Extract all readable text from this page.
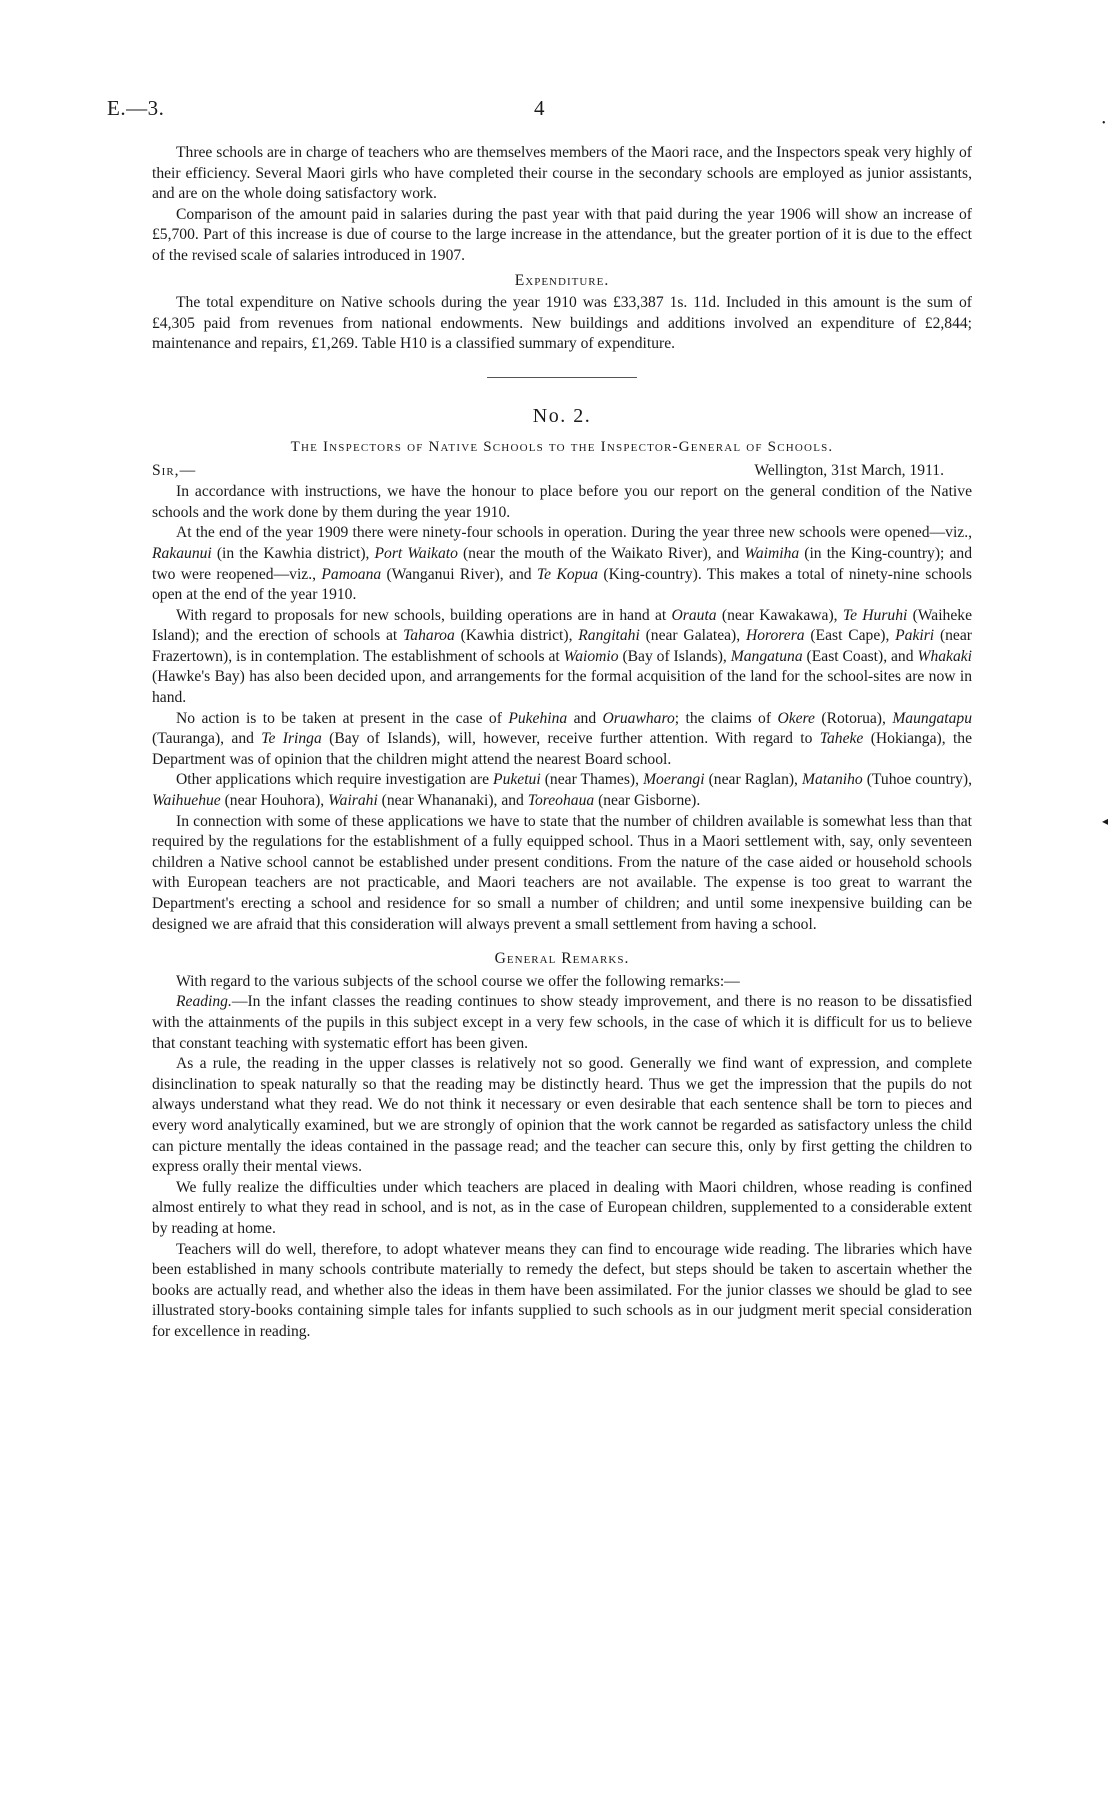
E.—3.	4
•
◂

Three schools are in charge of teachers who are themselves members of the Maori race, and the Inspectors speak very highly of their efficiency. Several Maori girls who have completed their course in the secondary schools are employed as junior assistants, and are on the whole doing satisfactory work.

Comparison of the amount paid in salaries during the past year with that paid during the year 1906 will show an increase of £5,700. Part of this increase is due of course to the large increase in the attendance, but the greater portion of it is due to the effect of the revised scale of salaries introduced in 1907.

Expenditure.

The total expenditure on Native schools during the year 1910 was £33,387 1s. 11d. Included in this amount is the sum of £4,305 paid from revenues from national endowments. New buildings and additions involved an expenditure of £2,844; maintenance and repairs, £1,269. Table H10 is a classified summary of expenditure.

No. 2.
The Inspectors of Native Schools to the Inspector-General of Schools.
Sir,—	Wellington, 31st March, 1911.

In accordance with instructions, we have the honour to place before you our report on the general condition of the Native schools and the work done by them during the year 1910.

At the end of the year 1909 there were ninety-four schools in operation. During the year three new schools were opened—viz., Rakaunui (in the Kawhia district), Port Waikato (near the mouth of the Waikato River), and Waimiha (in the King-country); and two were reopened—viz., Pamoana (Wanganui River), and Te Kopua (King-country). This makes a total of ninety-nine schools open at the end of the year 1910.

With regard to proposals for new schools, building operations are in hand at Orauta (near Kawakawa), Te Huruhi (Waiheke Island); and the erection of schools at Taharoa (Kawhia district), Rangitahi (near Galatea), Hororera (East Cape), Pakiri (near Frazertown), is in contemplation. The establishment of schools at Waiomio (Bay of Islands), Mangatuna (East Coast), and Whakaki (Hawke's Bay) has also been decided upon, and arrangements for the formal acquisition of the land for the school-sites are now in hand.

No action is to be taken at present in the case of Pukehina and Oruawharo; the claims of Okere (Rotorua), Maungatapu (Tauranga), and Te Iringa (Bay of Islands), will, however, receive further attention. With regard to Taheke (Hokianga), the Department was of opinion that the children might attend the nearest Board school.

Other applications which require investigation are Puketui (near Thames), Moerangi (near Raglan), Mataniho (Tuhoe country), Waihuehue (near Houhora), Wairahi (near Whananaki), and Toreohaua (near Gisborne).

In connection with some of these applications we have to state that the number of children available is somewhat less than that required by the regulations for the establishment of a fully equipped school. Thus in a Maori settlement with, say, only seventeen children a Native school cannot be established under present conditions. From the nature of the case aided or household schools with European teachers are not practicable, and Maori teachers are not available. The expense is too great to warrant the Department's erecting a school and residence for so small a number of children; and until some inexpensive building can be designed we are afraid that this consideration will always prevent a small settlement from having a school.

General Remarks.

With regard to the various subjects of the school course we offer the following remarks:—

Reading.—In the infant classes the reading continues to show steady improvement, and there is no reason to be dissatisfied with the attainments of the pupils in this subject except in a very few schools, in the case of which it is difficult for us to believe that constant teaching with systematic effort has been given.

As a rule, the reading in the upper classes is relatively not so good. Generally we find want of expression, and complete disinclination to speak naturally so that the reading may be distinctly heard. Thus we get the impression that the pupils do not always understand what they read. We do not think it necessary or even desirable that each sentence shall be torn to pieces and every word analytically examined, but we are strongly of opinion that the work cannot be regarded as satisfactory unless the child can picture mentally the ideas contained in the passage read; and the teacher can secure this, only by first getting the children to express orally their mental views.

We fully realize the difficulties under which teachers are placed in dealing with Maori children, whose reading is confined almost entirely to what they read in school, and is not, as in the case of European children, supplemented to a considerable extent by reading at home.

Teachers will do well, therefore, to adopt whatever means they can find to encourage wide reading. The libraries which have been established in many schools contribute materially to remedy the defect, but steps should be taken to ascertain whether the books are actually read, and whether also the ideas in them have been assimilated. For the junior classes we should be glad to see illustrated story-books containing simple tales for infants supplied to such schools as in our judgment merit special consideration for excellence in reading.
